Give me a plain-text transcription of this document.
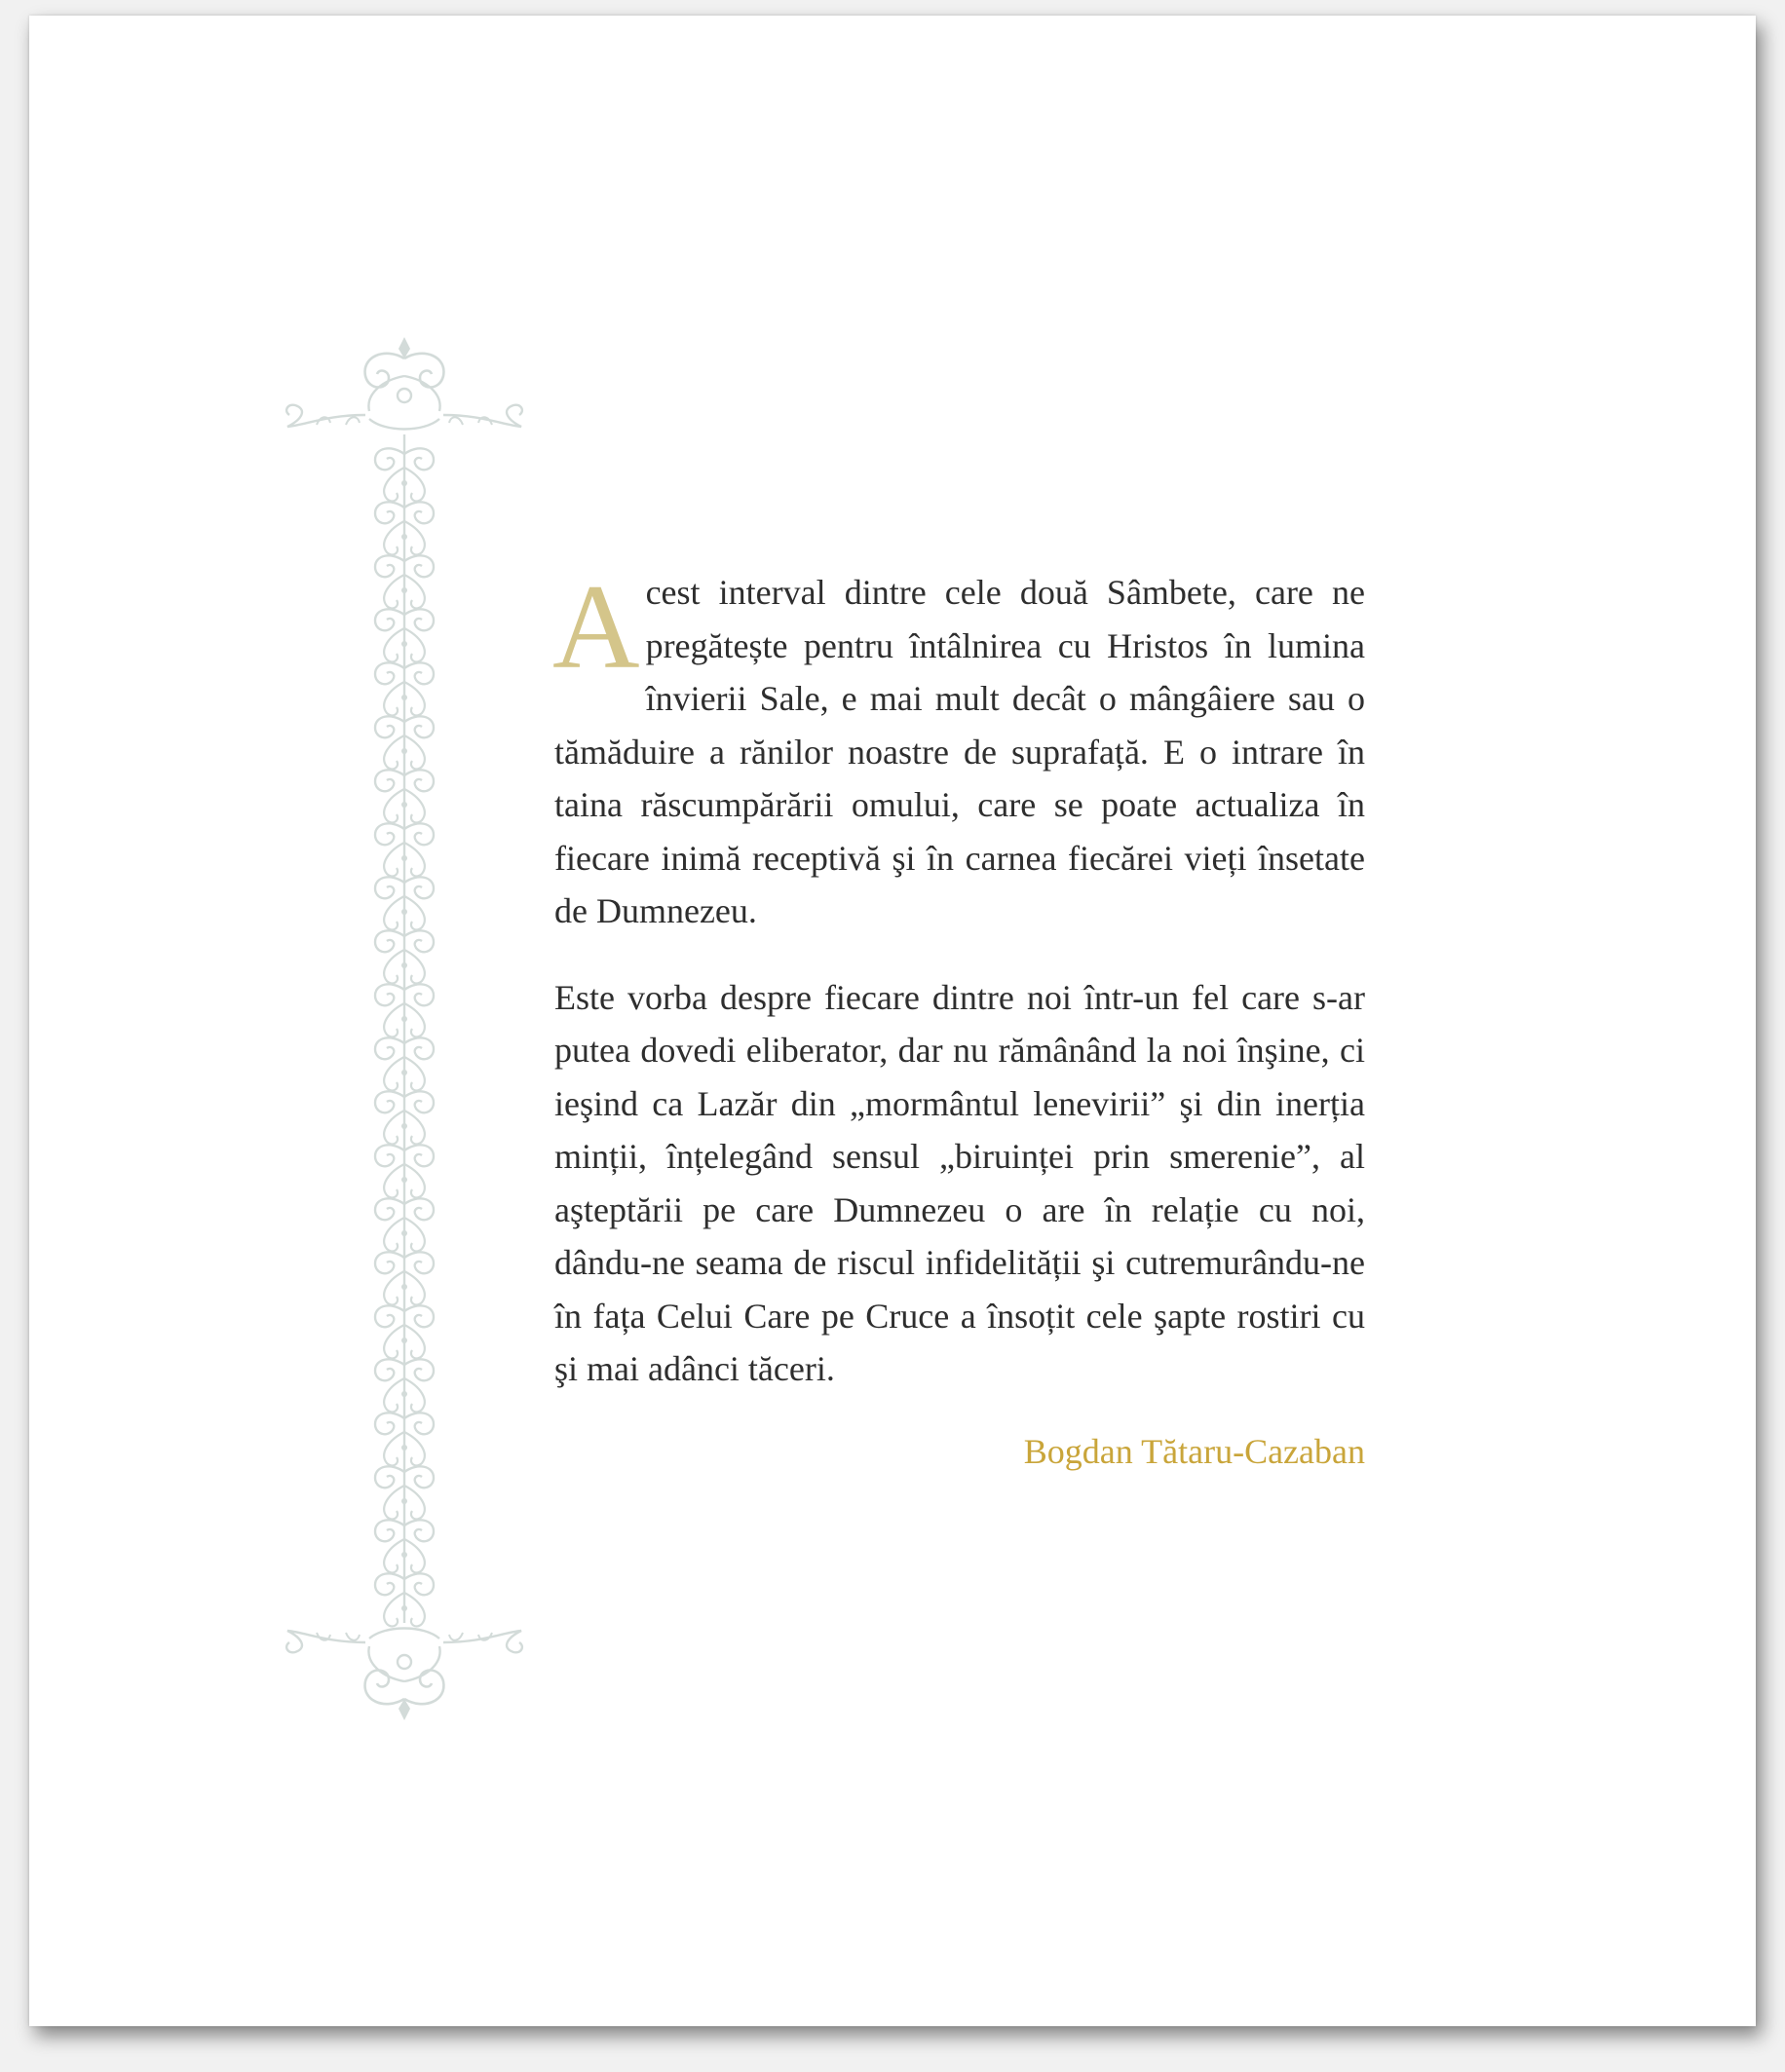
Acest interval dintre cele două Sâmbete, care ne pregătește pentru întâlnirea cu Hristos în lumina învierii Sale, e mai mult decât o mângâiere sau o tămăduire a rănilor noastre de suprafață. E o intrare în taina răscumpărării omului, care se poate actualiza în fiecare inimă receptivă şi în carnea fiecărei vieți însetate de Dumnezeu.

Este vorba despre fiecare dintre noi într-un fel care s-ar putea dovedi eliberator, dar nu rămânând la noi înşine, ci ieşind ca Lazăr din „mormântul lenevirii” şi din inerția minții, înțelegând sensul „biruinței prin smerenie”, al aşteptării pe care Dumnezeu o are în relație cu noi, dându-ne seama de riscul infidelității şi cutremurându-ne în fața Celui Care pe Cruce a însoțit cele şapte rostiri cu şi mai adânci tăceri.

Bogdan Tătaru-Cazaban
